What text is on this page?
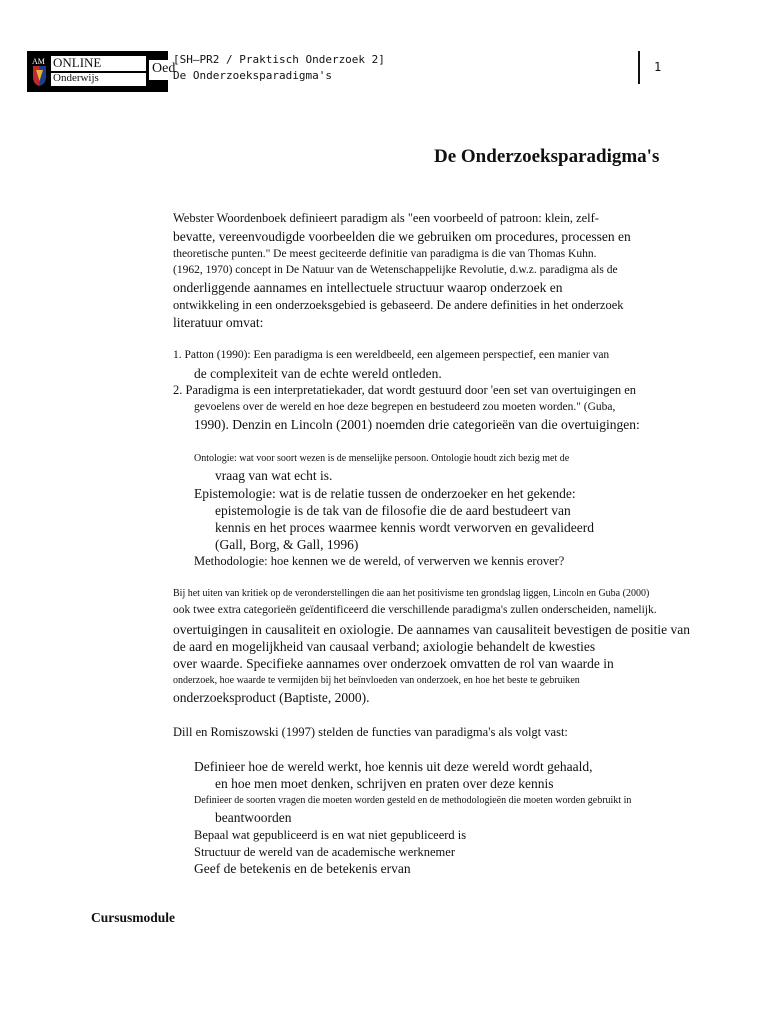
AM ONLINE
Onderwijs
Oed
[SH–PR2 / Praktisch Onderzoek 2]
De Onderzoeksparadigma's
1
De Onderzoeksparadigma's
Webster Woordenboek definieert paradigm als "een voorbeeld of patroon: klein, zelf-
bevatte, vereenvoudigde voorbeelden die we gebruiken om procedures, processen en
theoretische punten." De meest geciteerde definitie van paradigma is die van Thomas Kuhn.
(1962, 1970) concept in De Natuur van de Wetenschappelijke Revolutie, d.w.z. paradigma als de
onderliggende aannames en intellectuele structuur waarop onderzoek en
ontwikkeling in een onderzoeksgebied is gebaseerd. De andere definities in het onderzoek
literatuur omvat:
1. Patton (1990): Een paradigma is een wereldbeeld, een algemeen perspectief, een manier van
de complexiteit van de echte wereld ontleden.
2. Paradigma is een interpretatiekader, dat wordt gestuurd door 'een set van overtuigingen en
gevoelens over de wereld en hoe deze begrepen en bestudeerd zou moeten worden." (Guba,
1990). Denzin en Lincoln (2001) noemden drie categorieën van die overtuigingen:
Ontologie: wat voor soort wezen is de menselijke persoon. Ontologie houdt zich bezig met de
vraag van wat echt is.
Epistemologie: wat is de relatie tussen de onderzoeker en het gekende:
epistemologie is de tak van de filosofie die de aard bestudeert van
kennis en het proces waarmee kennis wordt verworven en gevalideerd
(Gall, Borg, & Gall, 1996)
Methodologie: hoe kennen we de wereld, of verwerven we kennis erover?
Bij het uiten van kritiek op de veronderstellingen die aan het positivisme ten grondslag liggen, Lincoln en Guba (2000)
ook twee extra categorieën geïdentificeerd die verschillende paradigma's zullen onderscheiden, namelijk.
overtuigingen in causaliteit en oxiologie. De aannames van causaliteit bevestigen de positie van
de aard en mogelijkheid van causaal verband; axiologie behandelt de kwesties
over waarde. Specifieke aannames over onderzoek omvatten de rol van waarde in
onderzoek, hoe waarde te vermijden bij het beïnvloeden van onderzoek, en hoe het beste te gebruiken
onderzoeksproduct (Baptiste, 2000).
Dill en Romiszowski (1997) stelden de functies van paradigma's als volgt vast:
Definieer hoe de wereld werkt, hoe kennis uit deze wereld wordt gehaald,
en hoe men moet denken, schrijven en praten over deze kennis
Definieer de soorten vragen die moeten worden gesteld en de methodologieën die moeten worden gebruikt in
beantwoorden
Bepaal wat gepubliceerd is en wat niet gepubliceerd is
Structuur de wereld van de academische werknemer
Geef de betekenis en de betekenis ervan
Cursusmodule
